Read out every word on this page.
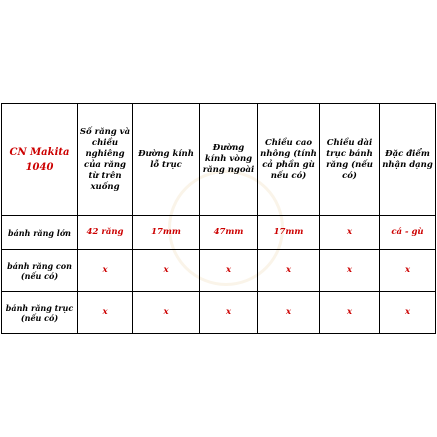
CN Makita 1040	Số răng và chiều nghiêng của răng từ trên xuống	Đường kính lỗ trục	Đường kính vòng răng ngoài	Chiều cao nhông (tính cả phần gù nếu có)	Chiều dài trục bánh răng (nếu có)	Đặc điểm nhận dạng
bánh răng lớn	42 răng	17mm	47mm	17mm	x	cá - gù
bánh răng con (nếu có)	x	x	x	x	x	x
bánh răng trục (nếu có)	x	x	x	x	x	x
